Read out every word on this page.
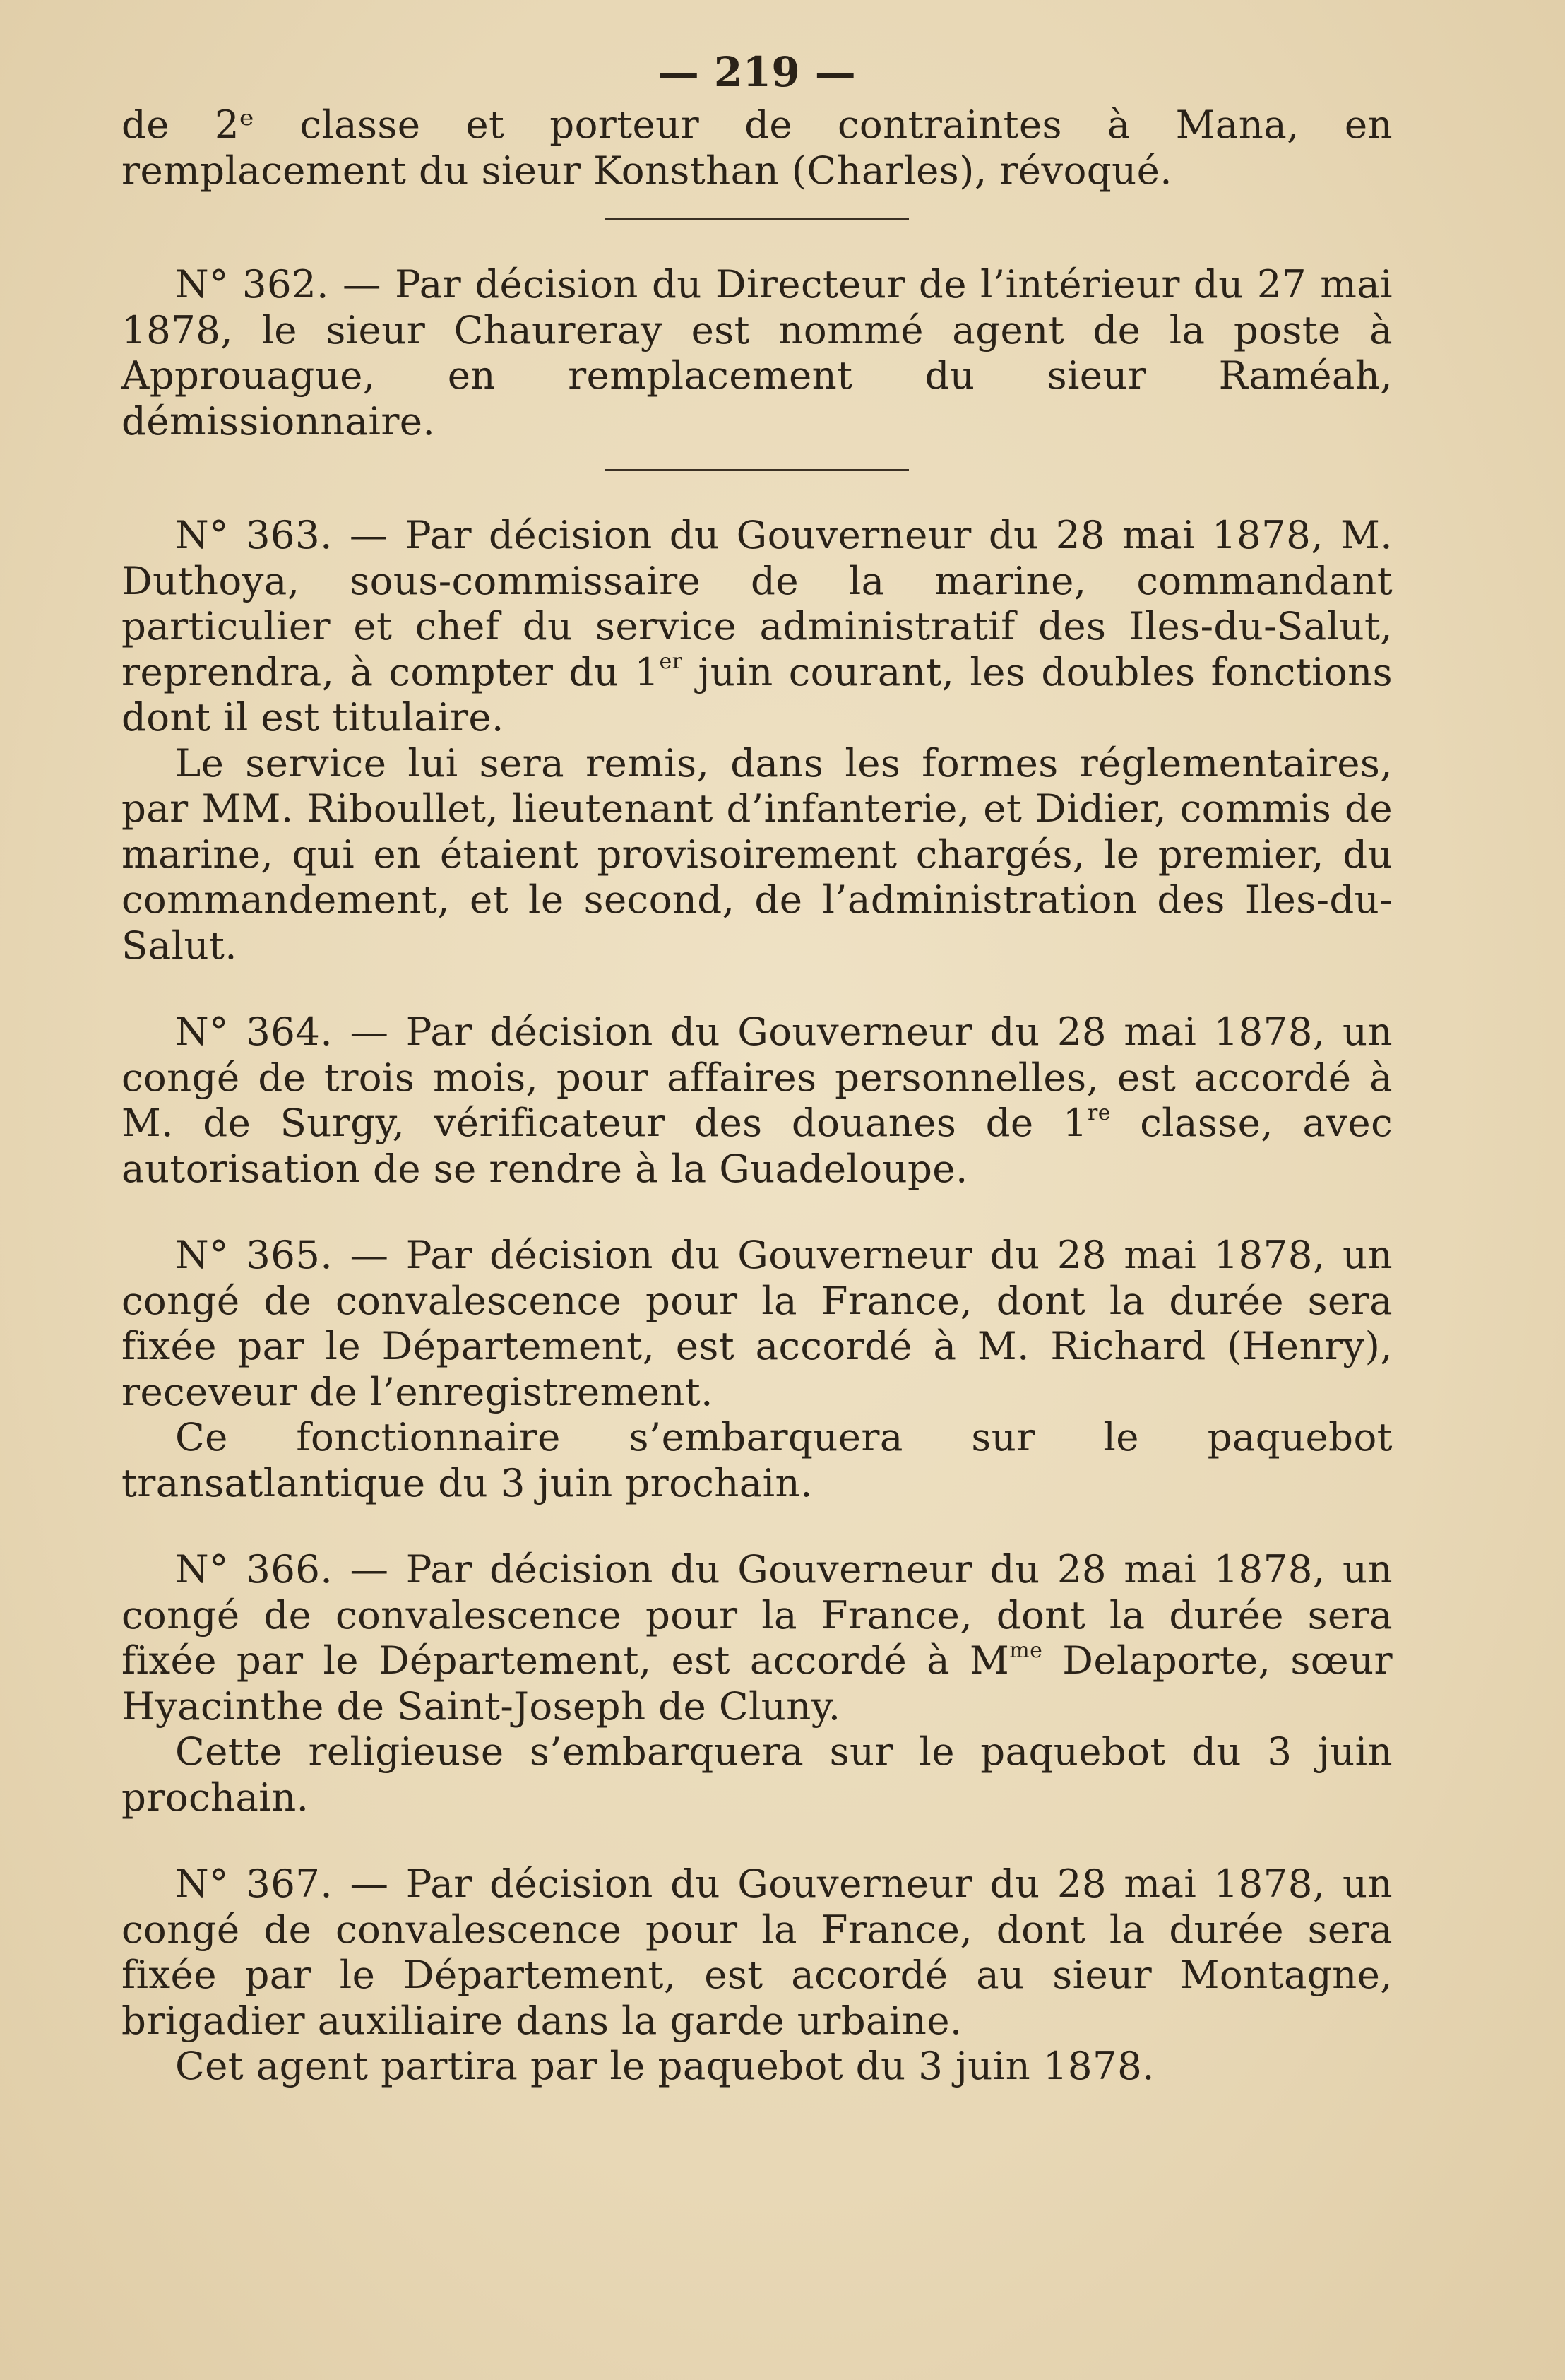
— 219 —

de 2ᵉ classe et porteur de contraintes à Mana, en remplacement du sieur Konsthan (Charles), révoqué.

N° 362. — Par décision du Directeur de l’intérieur du 27 mai 1878, le sieur Chaureray est nommé agent de la poste à Approuague, en remplacement du sieur Raméah, démissionnaire.

N° 363. — Par décision du Gouverneur du 28 mai 1878, M. Duthoya, sous-commissaire de la marine, commandant particulier et chef du service administratif des Iles-du-Salut, reprendra, à compter du 1er juin courant, les doubles fonctions dont il est titulaire.

Le service lui sera remis, dans les formes réglementaires, par MM. Riboullet, lieutenant d’infanterie, et Didier, commis de marine, qui en étaient provisoirement chargés, le premier, du commandement, et le second, de l’administration des Iles-du-Salut.

N° 364. — Par décision du Gouverneur du 28 mai 1878, un congé de trois mois, pour affaires personnelles, est accordé à M. de Surgy, vérificateur des douanes de 1re classe, avec autorisation de se rendre à la Guadeloupe.

N° 365. — Par décision du Gouverneur du 28 mai 1878, un congé de convalescence pour la France, dont la durée sera fixée par le Département, est accordé à M. Richard (Henry), receveur de l’enregistrement.

Ce fonctionnaire s’embarquera sur le paquebot transatlantique du 3 juin prochain.

N° 366. — Par décision du Gouverneur du 28 mai 1878, un congé de convalescence pour la France, dont la durée sera fixée par le Département, est accordé à $M^{me}$ Delaporte, sœur Hyacinthe de Saint-Joseph de Cluny.

Cette religieuse s’embarquera sur le paquebot du 3 juin prochain.

N° 367. — Par décision du Gouverneur du 28 mai 1878, un congé de convalescence pour la France, dont la durée sera fixée par le Département, est accordé au sieur Montagne, brigadier auxiliaire dans la garde urbaine.

Cet agent partira par le paquebot du 3 juin 1878.
